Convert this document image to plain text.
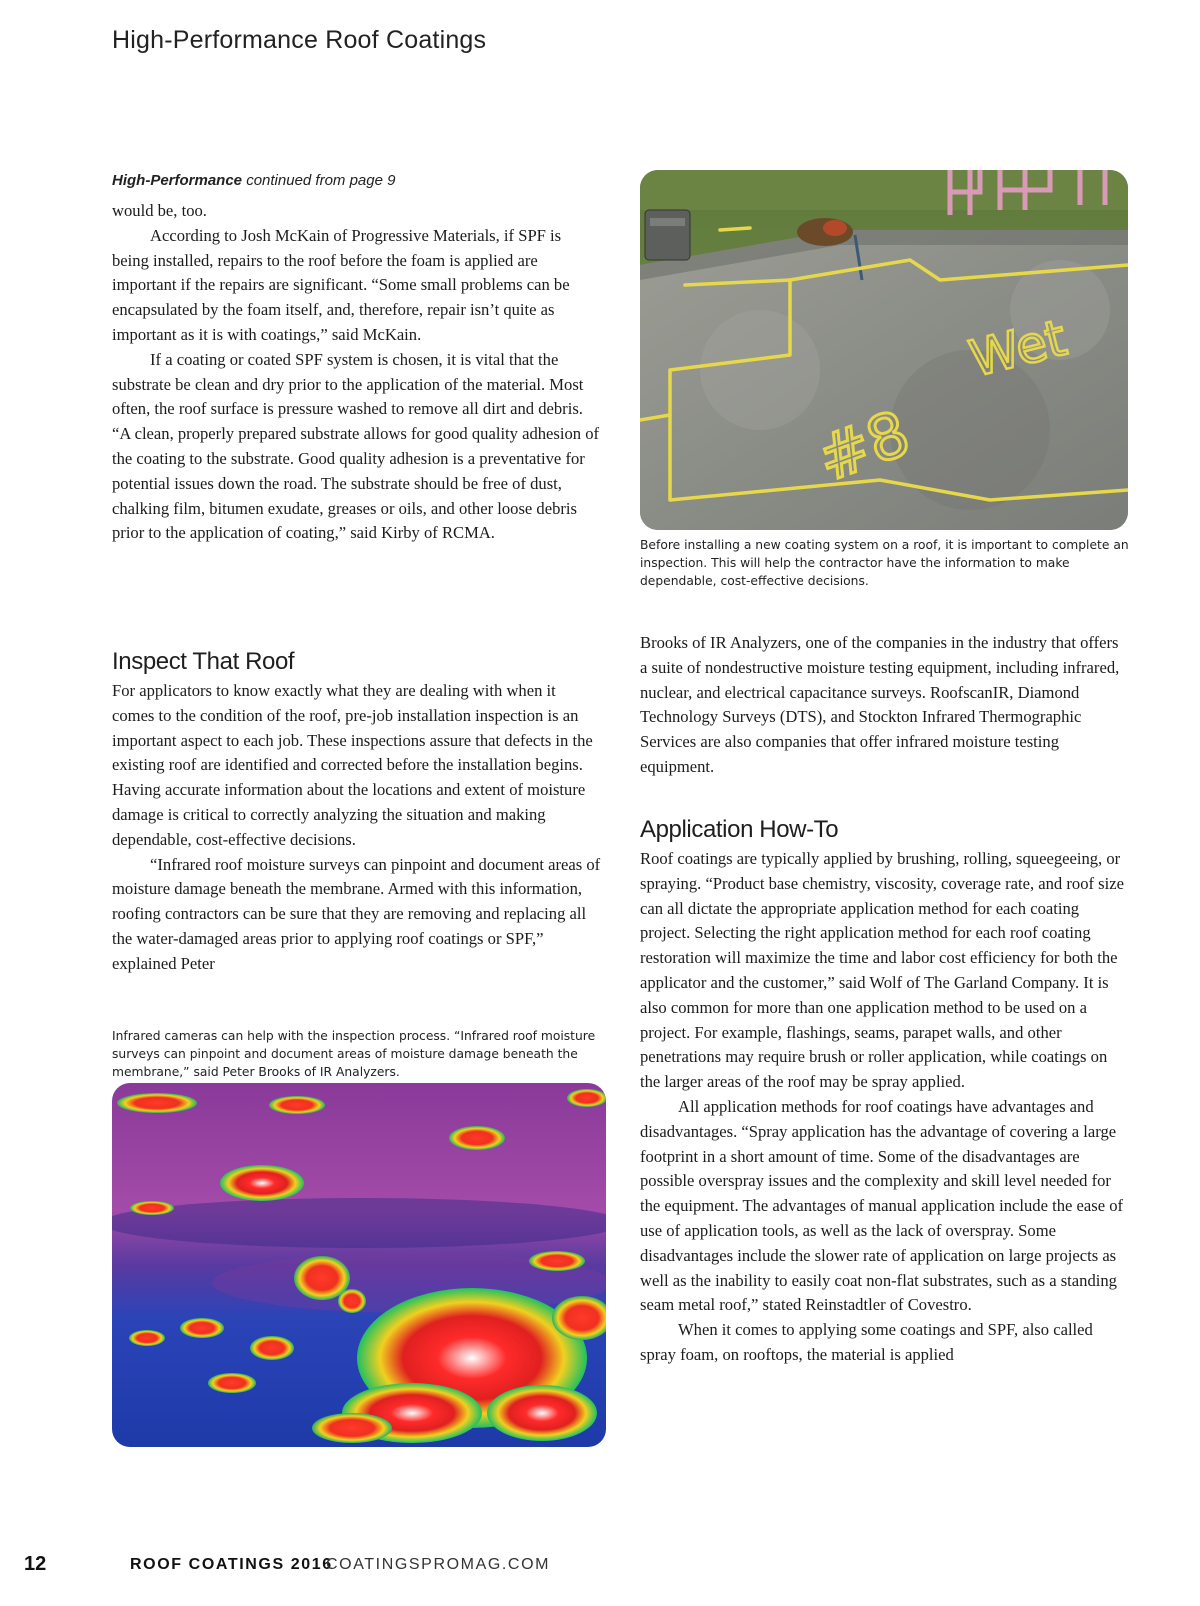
High-Performance Roof Coatings
High-Performance continued from page 9

would be, too.

According to Josh McKain of Progressive Materials, if SPF is being installed, repairs to the roof before the foam is applied are important if the repairs are significant. “Some small problems can be encapsulated by the foam itself, and, therefore, repair isn’t quite as important as it is with coatings,” said McKain.

If a coating or coated SPF system is chosen, it is vital that the substrate be clean and dry prior to the application of the material. Most often, the roof surface is pressure washed to remove all dirt and debris. “A clean, properly prepared substrate allows for good quality adhesion of the coating to the substrate. Good quality adhesion is a preventative for potential issues down the road. The substrate should be free of dust, chalking film, bitumen exudate, greases or oils, and other loose debris prior to the application of coating,” said Kirby of RCMA.

Inspect That Roof

For applicators to know exactly what they are dealing with when it comes to the condition of the roof, pre-job installation inspection is an important aspect to each job. These inspections assure that defects in the existing roof are identified and corrected before the installation begins. Having accurate information about the locations and extent of moisture damage is critical to correctly analyzing the situation and making dependable, cost-effective decisions.

“Infrared roof moisture surveys can pinpoint and document areas of moisture damage beneath the membrane. Armed with this information, roofing contractors can be sure that they are removing and replacing all the water-damaged areas prior to applying roof coatings or SPF,” explained Peter

Wet
#8
Before installing a new coating system on a roof, it is important to complete an inspection. This will help the contractor have the information to make dependable, cost-effective decisions.

Brooks of IR Analyzers, one of the companies in the industry that offers a suite of nondestructive moisture testing equipment, including infrared, nuclear, and electrical capacitance surveys. RoofscanIR, Diamond Technology Surveys (DTS), and Stockton Infrared Thermographic Services are also companies that offer infrared moisture testing equipment.

Application How-To

Roof coatings are typically applied by brushing, rolling, squeegeeing, or spraying. “Product base chemistry, viscosity, coverage rate, and roof size can all dictate the appropriate application method for each coating project. Selecting the right application method for each roof coating restoration will maximize the time and labor cost efficiency for both the applicator and the customer,” said Wolf of The Garland Company. It is also common for more than one application method to be used on a project. For example, flashings, seams, parapet walls, and other penetrations may require brush or roller application, while coatings on the larger areas of the roof may be spray applied.

All application methods for roof coatings have advantages and disadvantages. “Spray application has the advantage of covering a large footprint in a short amount of time. Some of the disadvantages are possible overspray issues and the complexity and skill level needed for the equipment. The advantages of manual application include the ease of use of application tools, as well as the lack of overspray. Some disadvantages include the slower rate of application on large projects as well as the inability to easily coat non-flat substrates, such as a standing seam metal roof,” stated Reinstadtler of Covestro.

When it comes to applying some coatings and SPF, also called spray foam, on rooftops, the material is applied

Infrared cameras can help with the inspection process. “Infrared roof moisture surveys can pinpoint and document areas of moisture damage beneath the membrane,” said Peter Brooks of IR Analyzers.
12	ROOF COATINGS 2016
COATINGSPROMAG.COM
